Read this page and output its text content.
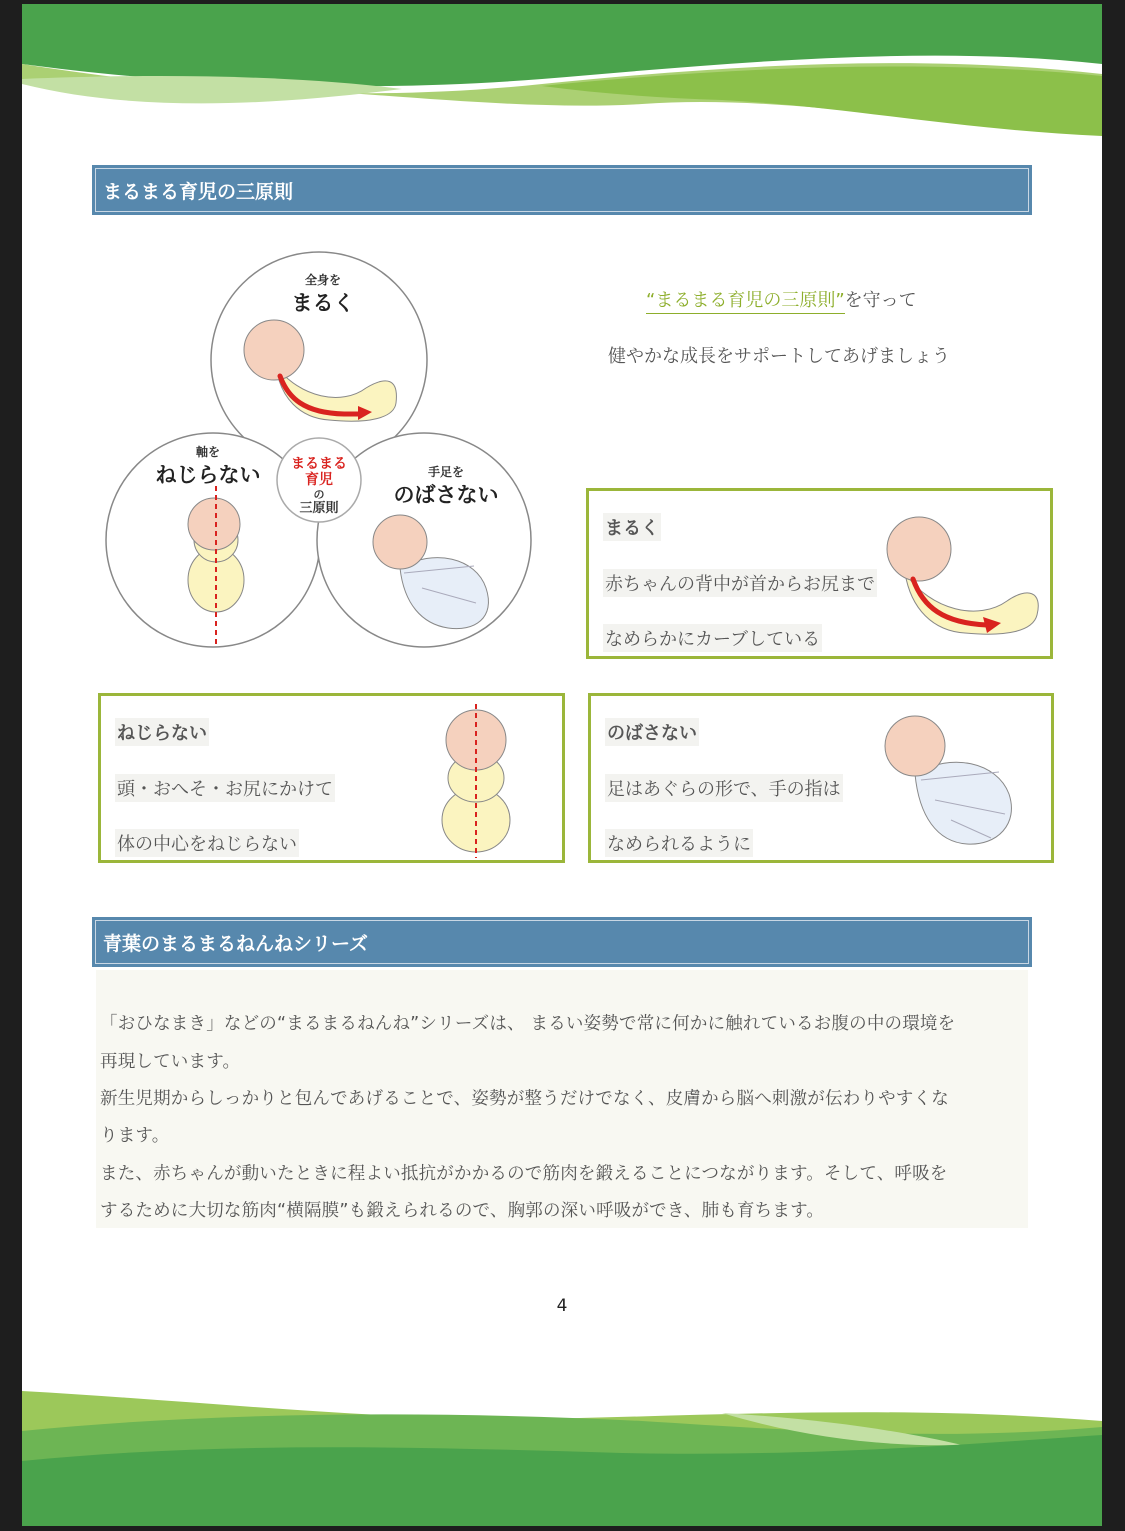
まるまる育児の三原則
全身を
まるく
軸を
ねじらない	手足を
のばさない
まるまる
育児
の
三原則
“まるまる育児の三原則”を守って
健やかな成長をサポートしてあげましょう
まるく
赤ちゃんの背中が首からお尻まで
なめらかにカーブしている
ねじらない
頭・おへそ・お尻にかけて
体の中心をねじらない
のばさない
足はあぐらの形で、手の指は
なめられるように
青葉のまるまるねんねシリーズ

「おひなまき」などの“まるまるねんね”シリーズは、 まるい姿勢で常に何かに触れているお腹の中の環境を

再現しています。

新生児期からしっかりと包んであげることで、姿勢が整うだけでなく、皮膚から脳へ刺激が伝わりやすくな

ります。

また、赤ちゃんが動いたときに程よい抵抗がかかるので筋肉を鍛えることにつながります。そして、呼吸を

するために大切な筋肉“横隔膜”も鍛えられるので、胸郭の深い呼吸ができ、肺も育ちます。

4
